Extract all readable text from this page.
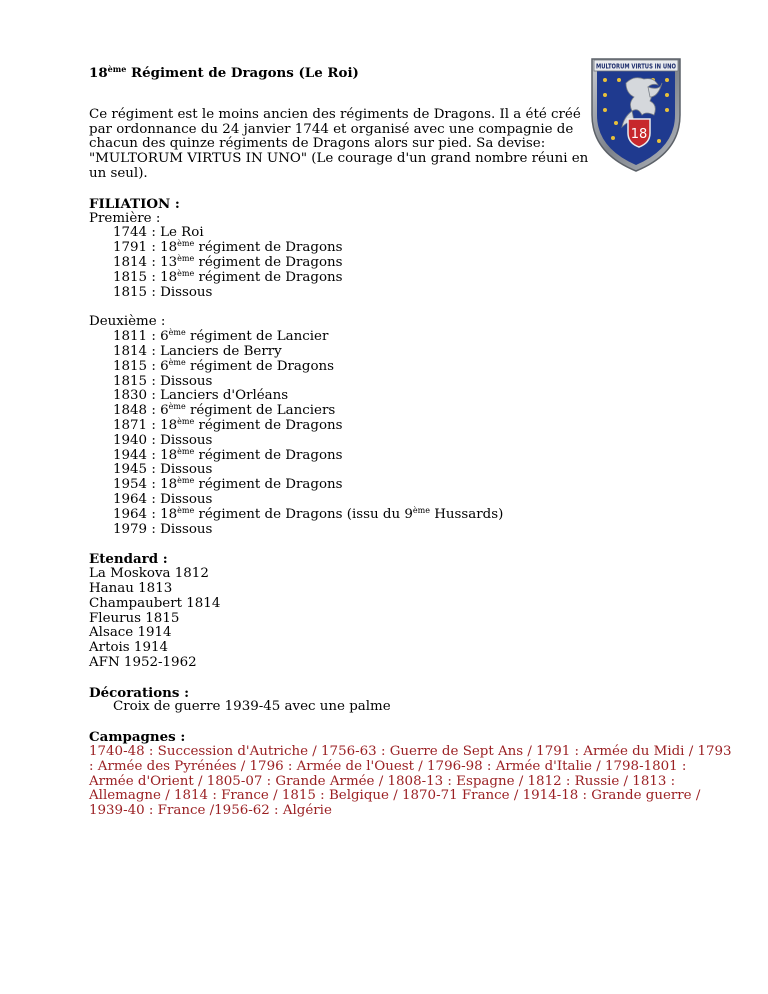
18ème Régiment de Dragons (Le Roi)
Ce régiment est le moins ancien des régiments de Dragons. Il a été créé par ordonnance du 24 janvier 1744 et organisé avec une compagnie de chacun des quinze régiments de Dragons alors sur pied. Sa devise: "MULTORUM VIRTUS IN UNO" (Le courage d'un grand nombre réuni en un seul).
FILIATION :
Première :
1744 : Le Roi
1791 : 18ème régiment de Dragons
1814 : 13ème régiment de Dragons
1815 : 18ème régiment de Dragons
1815 : Dissous
Deuxième :
1811 : 6ème régiment de Lancier
1814 : Lanciers de Berry
1815 : 6ème régiment de Dragons
1815 : Dissous
1830 : Lanciers d'Orléans
1848 : 6ème régiment de Lanciers
1871 : 18ème régiment de Dragons
1940 : Dissous
1944 : 18ème régiment de Dragons
1945 : Dissous
1954 : 18ème régiment de Dragons
1964 : Dissous
1964 : 18ème régiment de Dragons (issu du 9ème Hussards)
1979 : Dissous
Etendard :
La Moskova 1812
Hanau 1813
Champaubert 1814
Fleurus 1815
Alsace 1914
Artois 1914
AFN 1952-1962
Décorations :
Croix de guerre 1939-45 avec une palme
Campagnes :
1740-48 : Succession d'Autriche / 1756-63 : Guerre de Sept Ans / 1791 : Armée du Midi / 1793
: Armée des Pyrénées / 1796 : Armée de l'Ouest / 1796-98 : Armée d'Italie / 1798-1801 :
Armée d'Orient / 1805-07 : Grande Armée / 1808-13 : Espagne / 1812 : Russie / 1813 :
Allemagne / 1814 : France / 1815 : Belgique / 1870-71 France / 1914-18 : Grande guerre /
1939-40 : France /1956-62 : Algérie
MULTORUM VIRTUS IN UNO
18
